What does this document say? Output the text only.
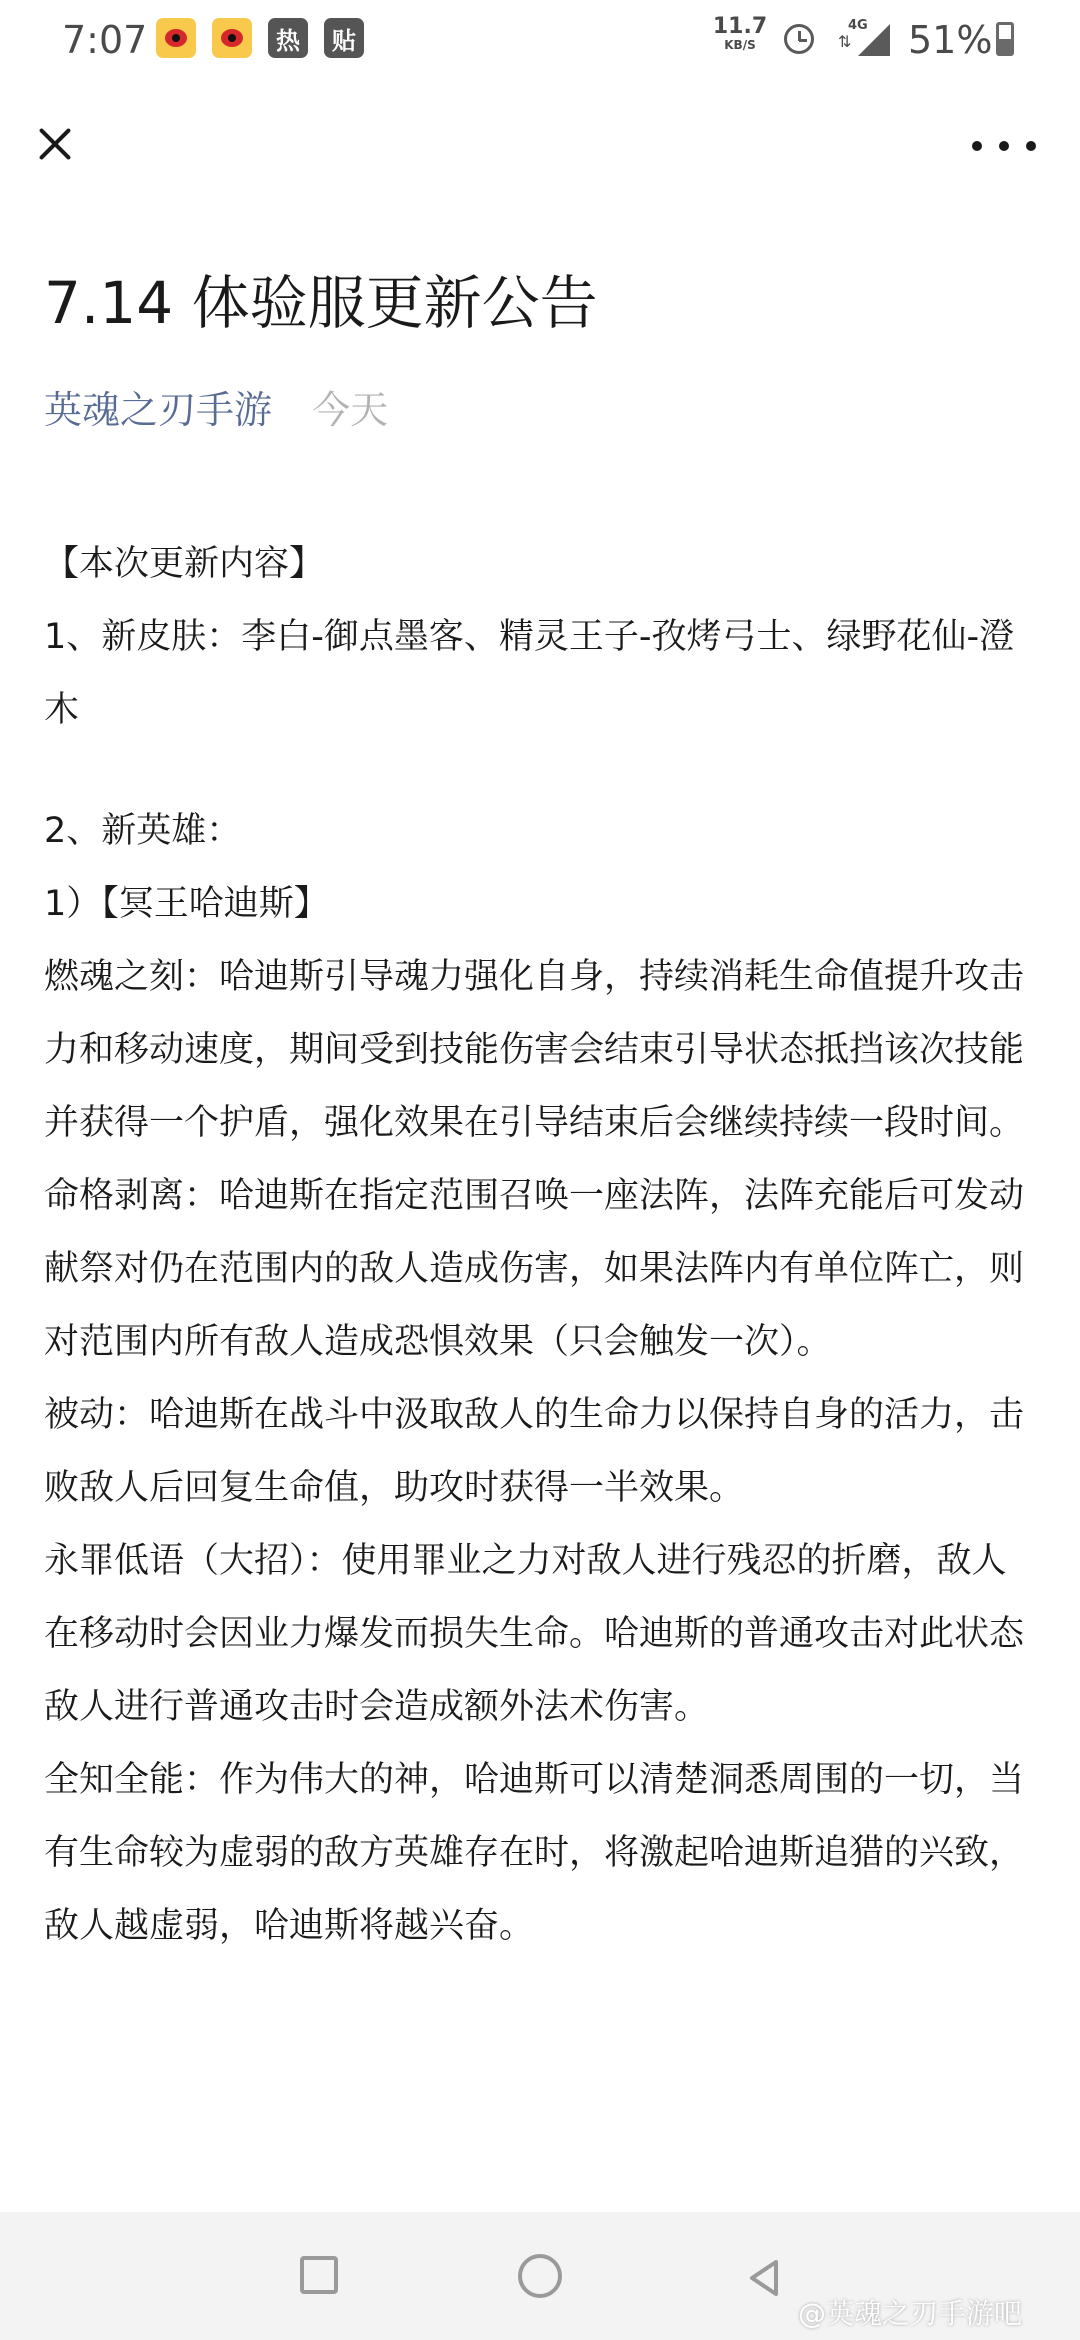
7:07	热	贴	11.7
KB/S
4G
⇅ 51%
7.14 体验服更新公告
英魂之刃手游 今天

【本次更新内容】

1、新皮肤：李白-御点墨客、精灵王子-孜烤弓士、绿野花仙-澄木

2、新英雄：

1）【冥王哈迪斯】

燃魂之刻：哈迪斯引导魂力强化自身，持续消耗生命值提升攻击力和移动速度，期间受到技能伤害会结束引导状态抵挡该次技能并获得一个护盾，强化效果在引导结束后会继续持续一段时间。

命格剥离：哈迪斯在指定范围召唤一座法阵，法阵充能后可发动献祭对仍在范围内的敌人造成伤害，如果法阵内有单位阵亡，则对范围内所有敌人造成恐惧效果（只会触发一次）。

被动：哈迪斯在战斗中汲取敌人的生命力以保持自身的活力，击败敌人后回复生命值，助攻时获得一半效果。

永罪低语（大招）：使用罪业之力对敌人进行残忍的折磨，敌人在移动时会因业力爆发而损失生命。哈迪斯的普通攻击对此状态敌人进行普通攻击时会造成额外法术伤害。

全知全能：作为伟大的神，哈迪斯可以清楚洞悉周围的一切，当有生命较为虚弱的敌方英雄存在时，将激起哈迪斯追猎的兴致，敌人越虚弱，哈迪斯将越兴奋。

@英魂之刃手游吧
